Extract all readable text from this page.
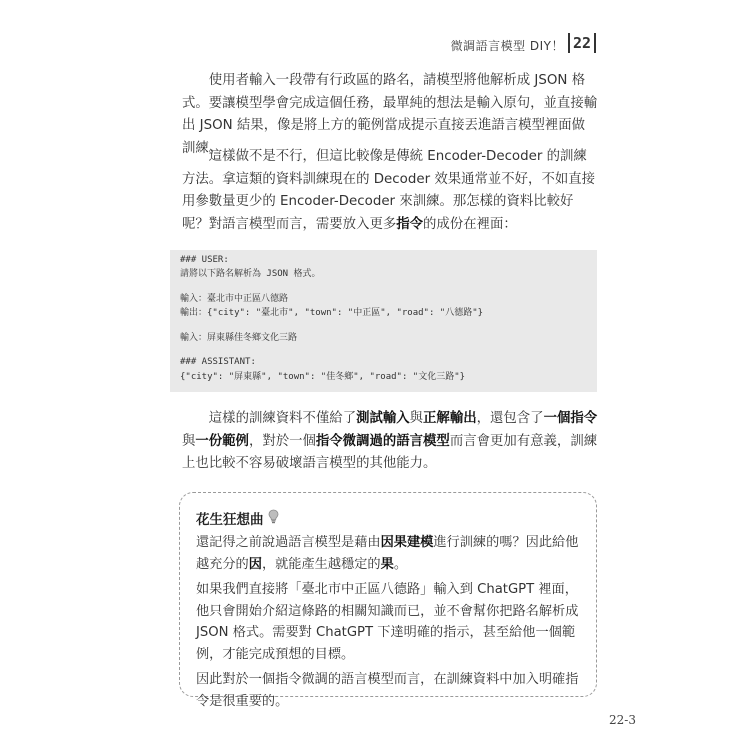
微調語言模型 DIY！ 22

使用者輸入一段帶有行政區的路名，請模型將他解析成 JSON 格式。要讓模型學會完成這個任務，最單純的想法是輸入原句，並直接輸出 JSON 結果，像是將上方的範例當成提示直接丟進語言模型裡面做訓練。

這樣做不是不行，但這比較像是傳統 Encoder-Decoder 的訓練方法。拿這類的資料訓練現在的 Decoder 效果通常並不好，不如直接用參數量更少的 Encoder-Decoder 來訓練。那怎樣的資料比較好呢？對語言模型而言，需要放入更多指令的成份在裡面：

### USER:
請將以下路名解析為 JSON 格式。
輸入：臺北市中正區八德路
輸出：{"city": "臺北市", "town": "中正區", "road": "八德路"}
輸入：屏東縣佳冬鄉文化三路
### ASSISTANT:
{"city": "屏東縣", "town": "佳冬鄉", "road": "文化三路"}

這樣的訓練資料不僅給了測試輸入與正解輸出，還包含了一個指令與一份範例，對於一個指令微調過的語言模型而言會更加有意義，訓練上也比較不容易破壞語言模型的其他能力。

花生狂想曲

還記得之前說過語言模型是藉由因果建模進行訓練的嗎？因此給他越充分的因，就能產生越穩定的果。

如果我們直接將「臺北市中正區八德路」輸入到 ChatGPT 裡面，他只會開始介紹這條路的相關知識而已，並不會幫你把路名解析成 JSON 格式。需要對 ChatGPT 下達明確的指示，甚至給他一個範例，才能完成預想的目標。

因此對於一個指令微調的語言模型而言，在訓練資料中加入明確指令是很重要的。

22-3
